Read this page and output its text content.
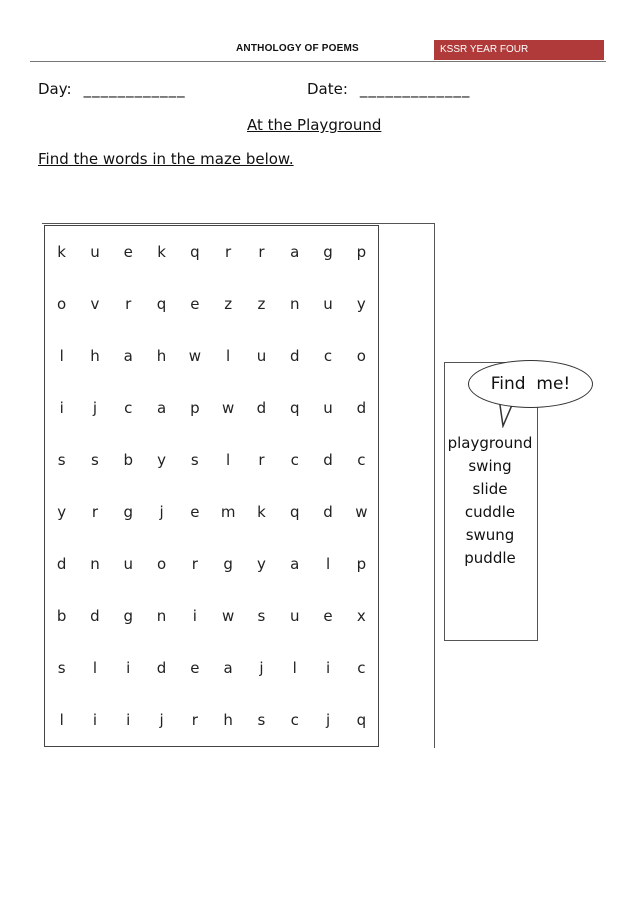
ANTHOLOGY OF POEMS	KSSR YEAR FOUR
Day: ____________	Date: _____________
At the Playground
Find the words in the maze below.
k	u	e	k	q	r	r	a	g	p
o	v	r	q	e	z	z	n	u	y
l	h	a	h	w	l	u	d	c	o
i	j	c	a	p	w	d	q	u	d
s	s	b	y	s	l	r	c	d	c
y	r	g	j	e	m	k	q	d	w
d	n	u	o	r	g	y	a	l	p
b	d	g	n	i	w	s	u	e	x
s	l	i	d	e	a	j	l	i	c
l	i	i	j	r	h	s	c	j	q
Find  me!
playground
swing
slide
cuddle
swung
puddle
